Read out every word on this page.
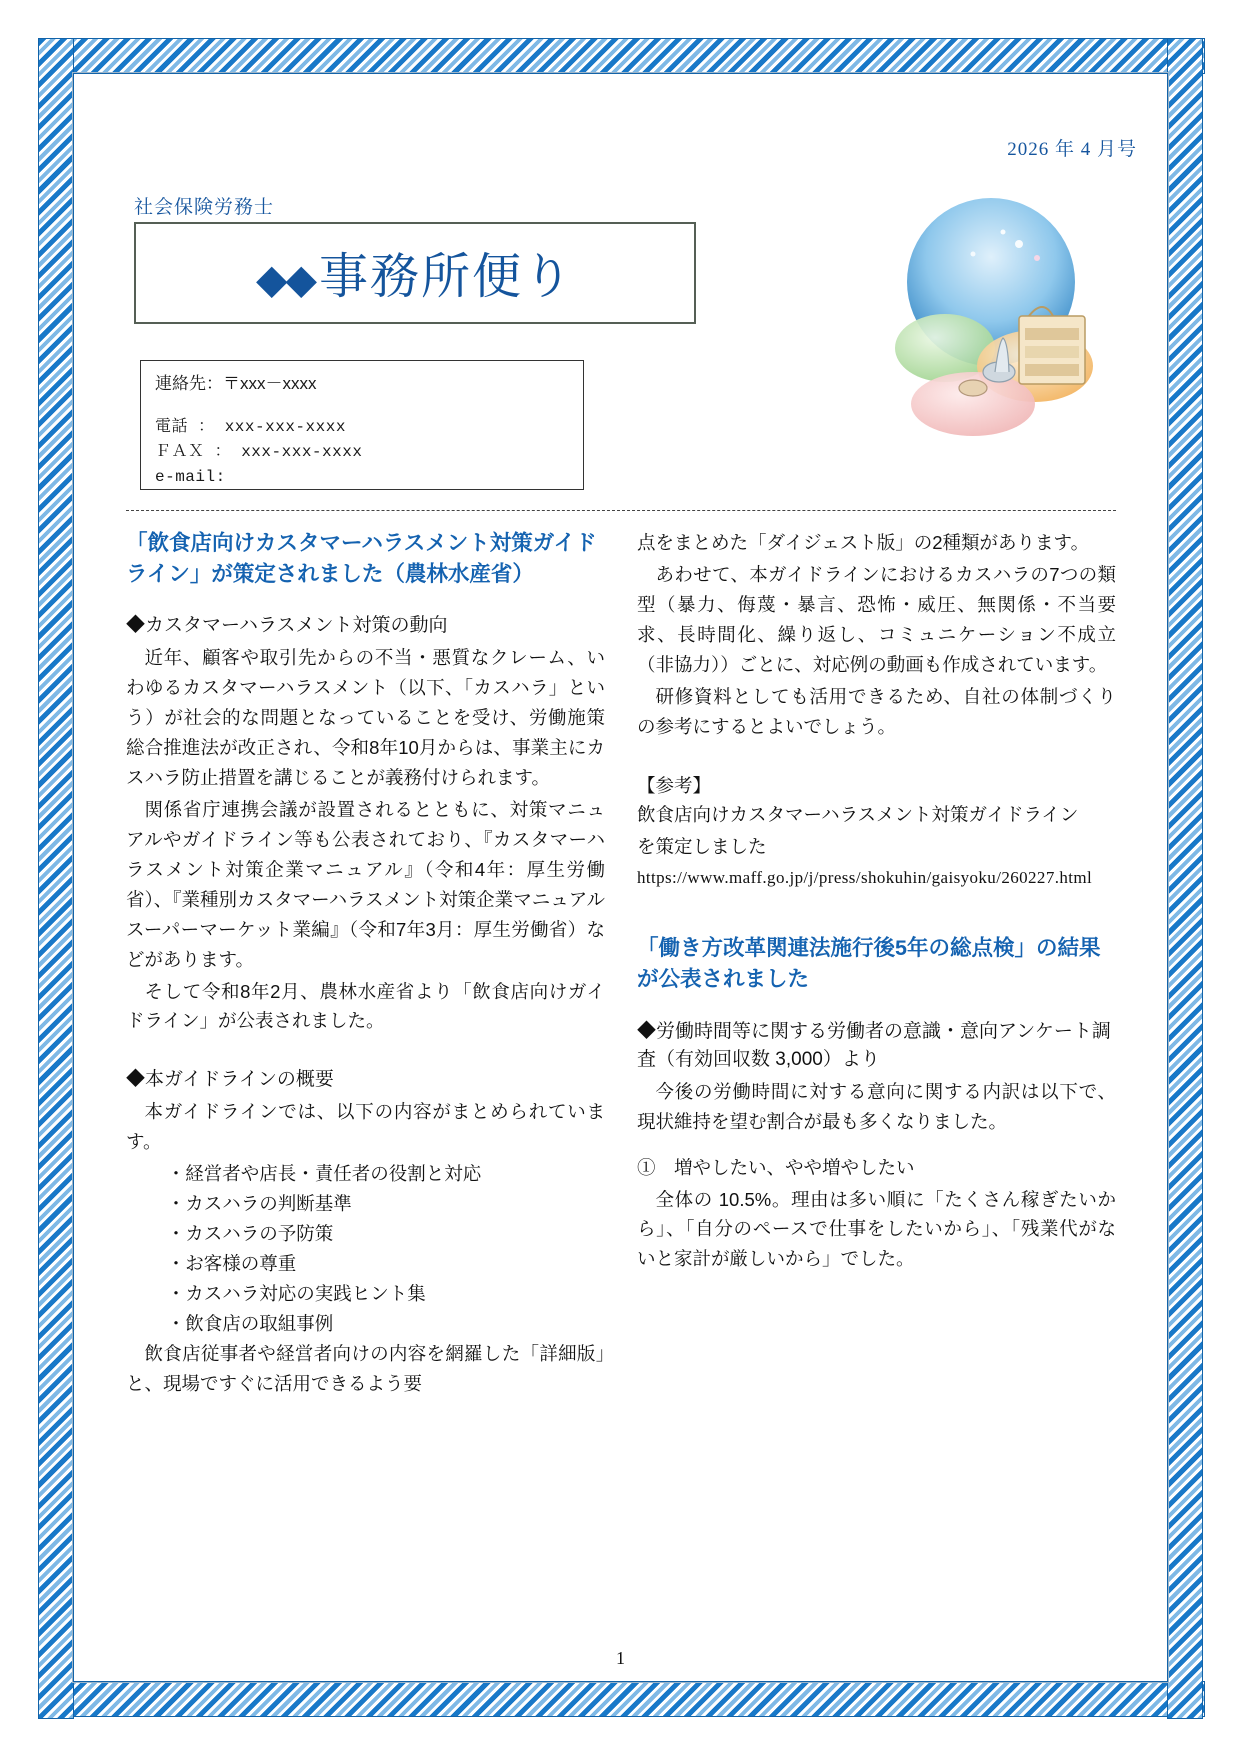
2026 年 4 月号
社会保険労務士
◆◆事務所便り
連絡先：〒xxx－xxxx
電話 ： xxx-xxx-xxxx
ＦＡＸ ： xxx-xxx-xxxx
e-mail:
「飲食店向けカスタマーハラスメント対策ガイドライン」が策定されました（農林水産省）
◆カスタマーハラスメント対策の動向

近年、顧客や取引先からの不当・悪質なクレーム、いわゆるカスタマーハラスメント（以下、「カスハラ」という）が社会的な問題となっていることを受け、労働施策総合推進法が改正され、令和8年10月からは、事業主にカスハラ防止措置を講じることが義務付けられます。

関係省庁連携会議が設置されるとともに、対策マニュアルやガイドライン等も公表されており、『カスタマーハラスメント対策企業マニュアル』（令和4年：厚生労働省）、『業種別カスタマーハラスメント対策企業マニュアル スーパーマーケット業編』（令和7年3月：厚生労働省）などがあります。

そして令和8年2月、農林水産省より「飲食店向けガイドライン」が公表されました。

◆本ガイドラインの概要

本ガイドラインでは、以下の内容がまとめられています。

・経営者や店長・責任者の役割と対応
・カスハラの判断基準
・カスハラの予防策
・お客様の尊重
・カスハラ対応の実践ヒント集
・飲食店の取組事例

飲食店従事者や経営者向けの内容を網羅した「詳細版」と、現場ですぐに活用できるよう要

点をまとめた「ダイジェスト版」の2種類があります。

あわせて、本ガイドラインにおけるカスハラの7つの類型（暴力、侮蔑・暴言、恐怖・威圧、無関係・不当要求、長時間化、繰り返し、コミュニケーション不成立（非協力））ごとに、対応例の動画も作成されています。

研修資料としても活用できるため、自社の体制づくりの参考にするとよいでしょう。

【参考】

飲食店向けカスタマーハラスメント対策ガイドライン

を策定しました

https://www.maff.go.jp/j/press/shokuhin/gaisyoku/260227.html
「働き方改革関連法施行後5年の総点検」の結果が公表されました
◆労働時間等に関する労働者の意識・意向アンケート調査（有効回収数 3,000）より

今後の労働時間に対する意向に関する内訳は以下で、現状維持を望む割合が最も多くなりました。

①　増やしたい、やや増やしたい

全体の 10.5%。理由は多い順に「たくさん稼ぎたいから」、「自分のペースで仕事をしたいから」、「残業代がないと家計が厳しいから」でした。

1
